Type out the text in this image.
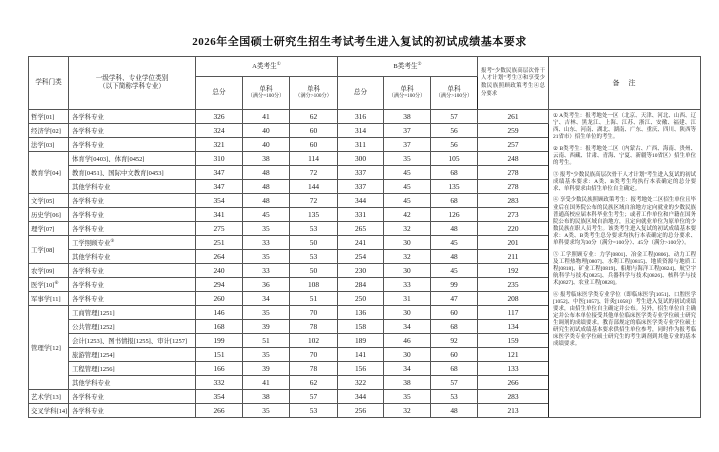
2026年全国硕士研究生招生考试考生进入复试的初试成绩基本要求
学科门类	一级学科、专业学位类别
（以下简称学科专业）	A类考生①			B类考生②			报考“少数民族高层次骨干人才计划”考生③和享受少数民族照顾政策考生④总分要求	备　注
		总分	单科
（满分=100分）	单科
（满分>100分）	总分	单科
（满分=100分）	单科
（满分>100分）		

哲学[01]	各学科专业	326	41	62	316	38	57	261	① A类考生：报考地处一区（北京、天津、河北、山西、辽宁、吉林、黑龙江、上海、江苏、浙江、安徽、福建、江西、山东、河南、湖北、湖南、广东、重庆、四川、陕西等21省市）招生单位的考生。

② B类考生：报考地处二区（内蒙古、广西、海南、贵州、云南、西藏、甘肃、青海、宁夏、新疆等10省区）招生单位的考生。

③ 报考“少数民族高层次骨干人才计划”考生进入复试的初试成绩基本要求：A类、B类考生均执行本表确定的总分要求、单科要求由招生单位自主确定。

④ 享受少数民族照顾政策考生：报考地处二区招生单位且毕业后在国务院公布的民族区域自治地方定向就业的少数民族普通高校应届本科毕业生考生；或者工作单位和户籍在国务院公布的民族区域自治地方，且定向就业单位为原单位的少数民族在职人员考生。该类考生进入复试的初试成绩基本要求：A类、B类考生总分要求均执行本表确定的总分要求、单科要求均为30分（满分=100分）、45分（满分>100分）。

⑤ 工学照顾专业：力学[0801]、冶金工程[0806]、动力工程及工程热物理[0807]、水利工程[0815]、地质资源与地质工程[0818]、矿业工程[0819]、船舶与海洋工程[0824]、航空宇航科学与技术[0825]、兵器科学与技术[0826]、核科学与技术[0827]、农业工程[0828]。

⑥ 报考临床医学类专业学位（即临床医学[1051]、口腔医学[1052]、中医[1057]、针灸[1058]）考生进入复试的初试成绩要求，由招生单位自主确定并公布。另外，招生单位自主确定并公布本单位接受其他单位临床医学类专业学位硕士研究生调剂的成绩要求。教育部规定的临床医学类专业学位硕士研究生初试成绩基本要求供招生单位参考，同时作为报考临床医学类专业学位硕士研究生的考生调剂到其他专业的基本成绩要求。

经济学[02]	各学科专业	324	40	60	314	37	56	259	
法学[03]	各学科专业	321	40	60	311	37	56	257	
教育学[04]	体育学[0403]、体育[0452]	310	38	114	300	35	105	248	
	教育[0451]、国际中文教育[0453]	347	48	72	337	45	68	278	
	其他学科专业	347	48	144	337	45	135	278	
文学[05]	各学科专业	354	48	72	344	45	68	283	
历史学[06]	各学科专业	341	45	135	331	42	126	273	
理学[07]	各学科专业	275	35	53	265	32	48	220	
工学[08]	工学照顾专业⑤	251	33	50	241	30	45	201	
	其他学科专业	264	35	53	254	32	48	211	
农学[09]	各学科专业	240	33	50	230	30	45	192	
医学[10]⑥	各学科专业	294	36	108	284	33	99	235	
军事学[11]	各学科专业	260	34	51	250	31	47	208	
管理学[12]	工商管理[1251]	146	35	70	136	30	60	117	
	公共管理[1252]	168	39	78	158	34	68	134	
	会计[1253]、图书情报[1255]、审计[1257]	199	51	102	189	46	92	159	
	旅游管理[1254]	151	35	70	141	30	60	121	
	工程管理[1256]	166	39	78	156	34	68	133	
	其他学科专业	332	41	62	322	38	57	266	
艺术学[13]	各学科专业	354	38	57	344	35	53	283	
交叉学科[14]	各学科专业	266	35	53	256	32	48	213	
